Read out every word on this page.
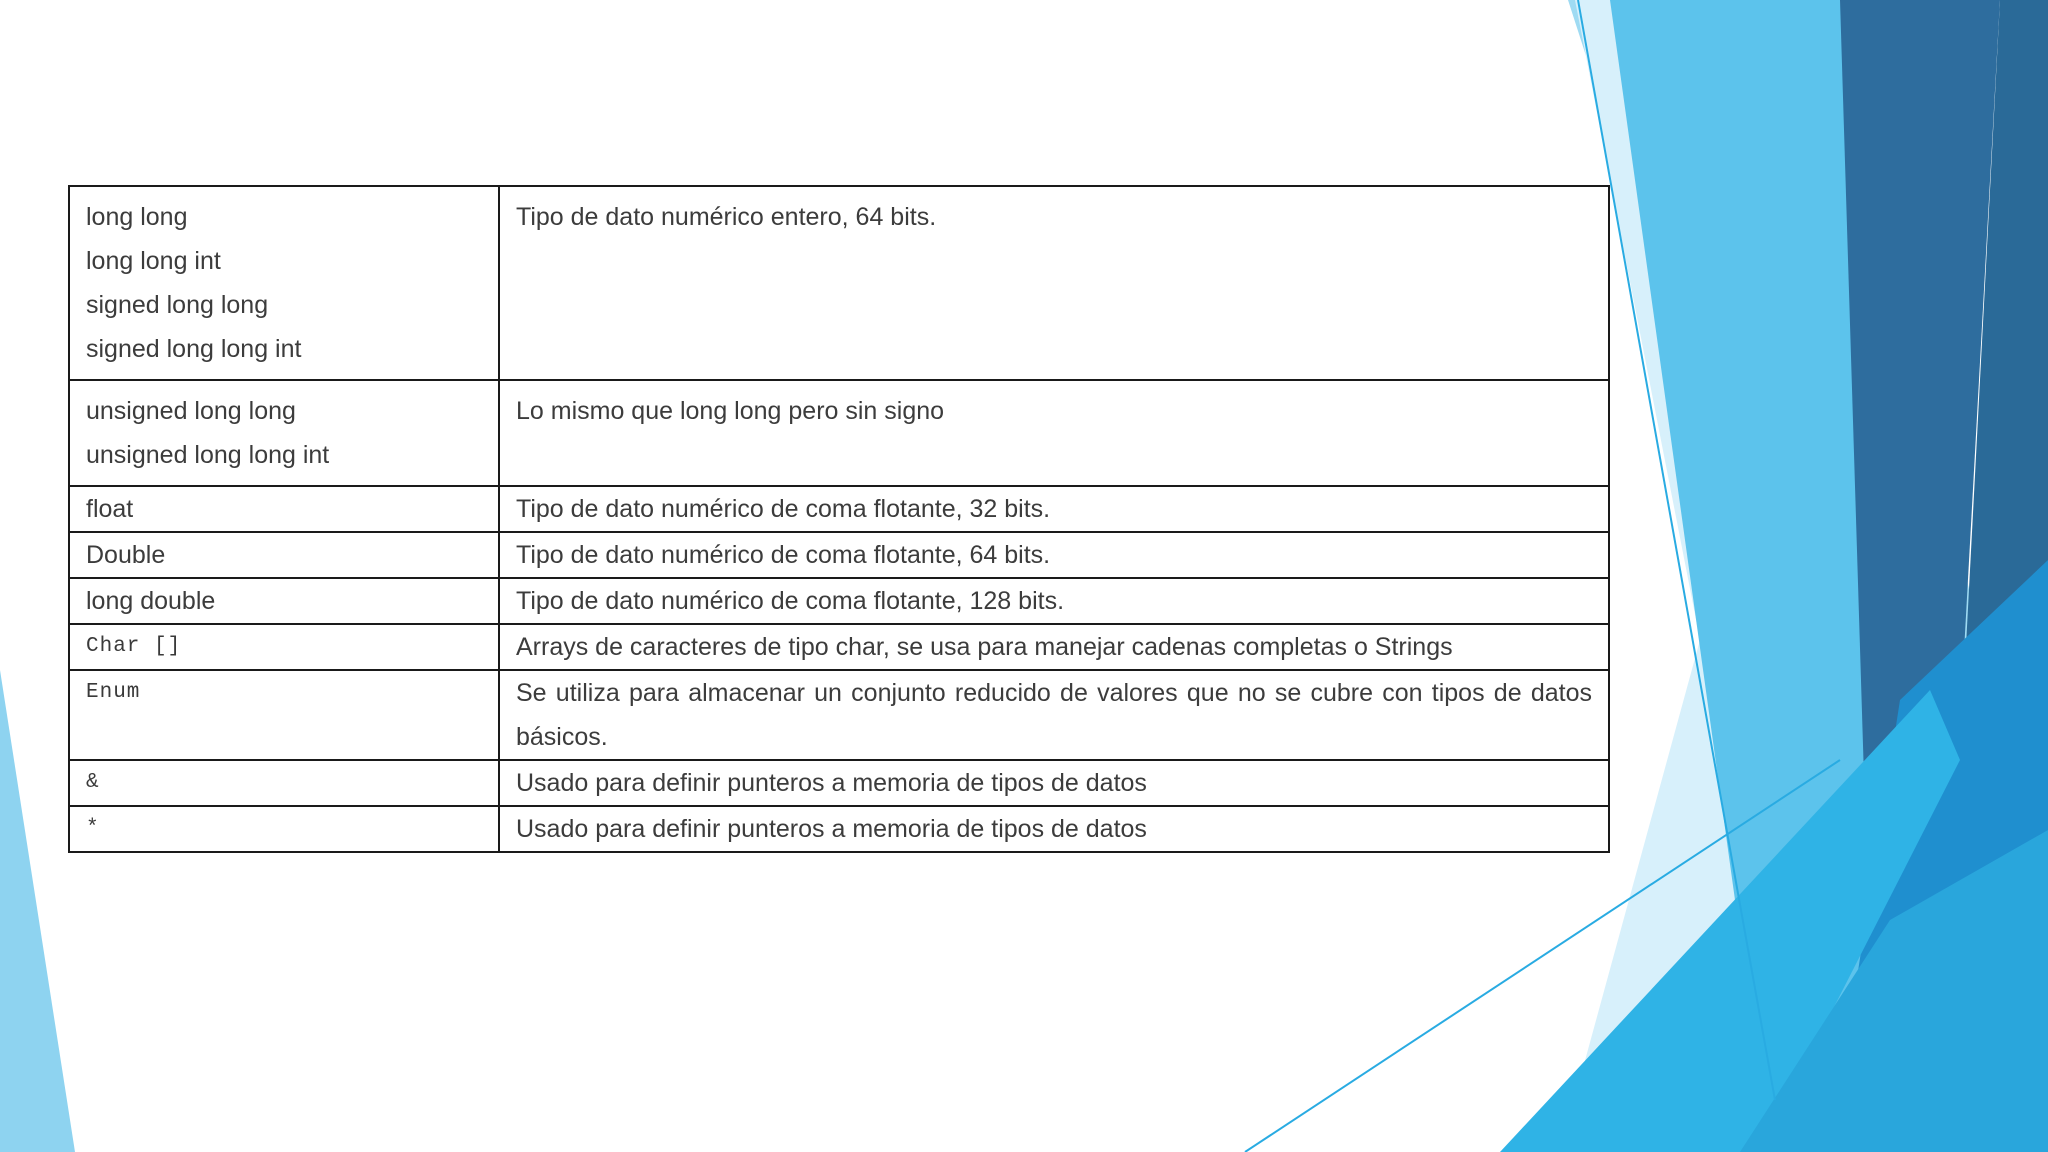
long long
long long int
signed long long
signed long long int	Tipo de dato numérico entero, 64 bits.

unsigned long long
unsigned long long int	Lo mismo que long long pero sin signo

float	Tipo de dato numérico de coma flotante, 32 bits.

Double	Tipo de dato numérico de coma flotante, 64 bits.

long double	Tipo de dato numérico de coma flotante, 128 bits.

Char []	Arrays de caracteres de tipo char, se usa para manejar cadenas completas o Strings

Enum	Se utiliza para almacenar un conjunto reducido de valores que no se cubre con tipos de datos básicos.

&	Usado para definir punteros a memoria de tipos de datos

*	Usado para definir punteros a memoria de tipos de datos
